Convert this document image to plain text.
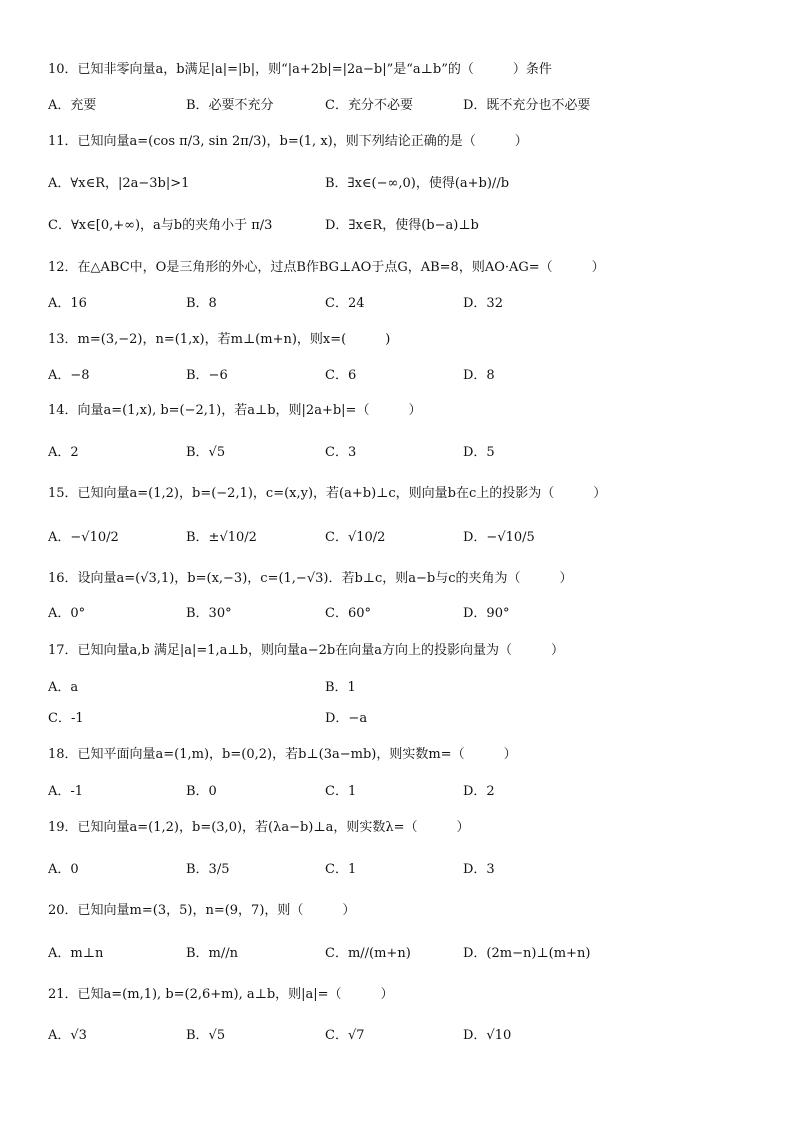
10．已知非零向量a，b满足|a|=|b|，则“|a+2b|=|2a−b|”是“a⊥b”的（　　　）条件
A．充要	B．必要不充分	C．充分不必要	D．既不充分也不必要
11．已知向量a=(cos π/3, sin 2π/3)，b=(1, x)，则下列结论正确的是（　　　）
A．∀x∈R，|2a−3b|>1	B．∃x∈(−∞,0)，使得(a+b)//b
C．∀x∈[0,+∞)，a与b的夹角小于 π/3	D．∃x∈R，使得(b−a)⊥b
12．在△ABC中，O是三角形的外心，过点B作BG⊥AO于点G，AB=8，则AO·AG=（　　　）
A．16	B．8	C．24	D．32
13．m=(3,−2)，n=(1,x)，若m⊥(m+n)，则x=(　　　)
A．−8	B．−6	C．6	D．8
14．向量a=(1,x), b=(−2,1)，若a⊥b，则|2a+b|=（　　　）
A．2	B．√5	C．3	D．5
15．已知向量a=(1,2)，b=(−2,1)，c=(x,y)，若(a+b)⊥c，则向量b在c上的投影为（　　　）
A．−√10/2	B．±√10/2	C．√10/2	D．−√10/5
16．设向量a=(√3,1)，b=(x,−3)，c=(1,−√3)．若b⊥c，则a−b与c的夹角为（　　　）
A．0°	B．30°	C．60°	D．90°
17．已知向量a,b 满足|a|=1,a⊥b，则向量a−2b在向量a方向上的投影向量为（　　　）
A．a	B．1
C．-1	D．−a
18．已知平面向量a=(1,m)，b=(0,2)，若b⊥(3a−mb)，则实数m=（　　　）
A．-1	B．0	C．1	D．2
19．已知向量a=(1,2)，b=(3,0)，若(λa−b)⊥a，则实数λ=（　　　）
A．0	B．3/5	C．1	D．3
20．已知向量m=(3，5)，n=(9，7)，则（　　　）
A．m⊥n	B．m//n	C．m//(m+n)	D．(2m−n)⊥(m+n)
21．已知a=(m,1), b=(2,6+m), a⊥b，则|a|=（　　　）
A．√3	B．√5	C．√7	D．√10
